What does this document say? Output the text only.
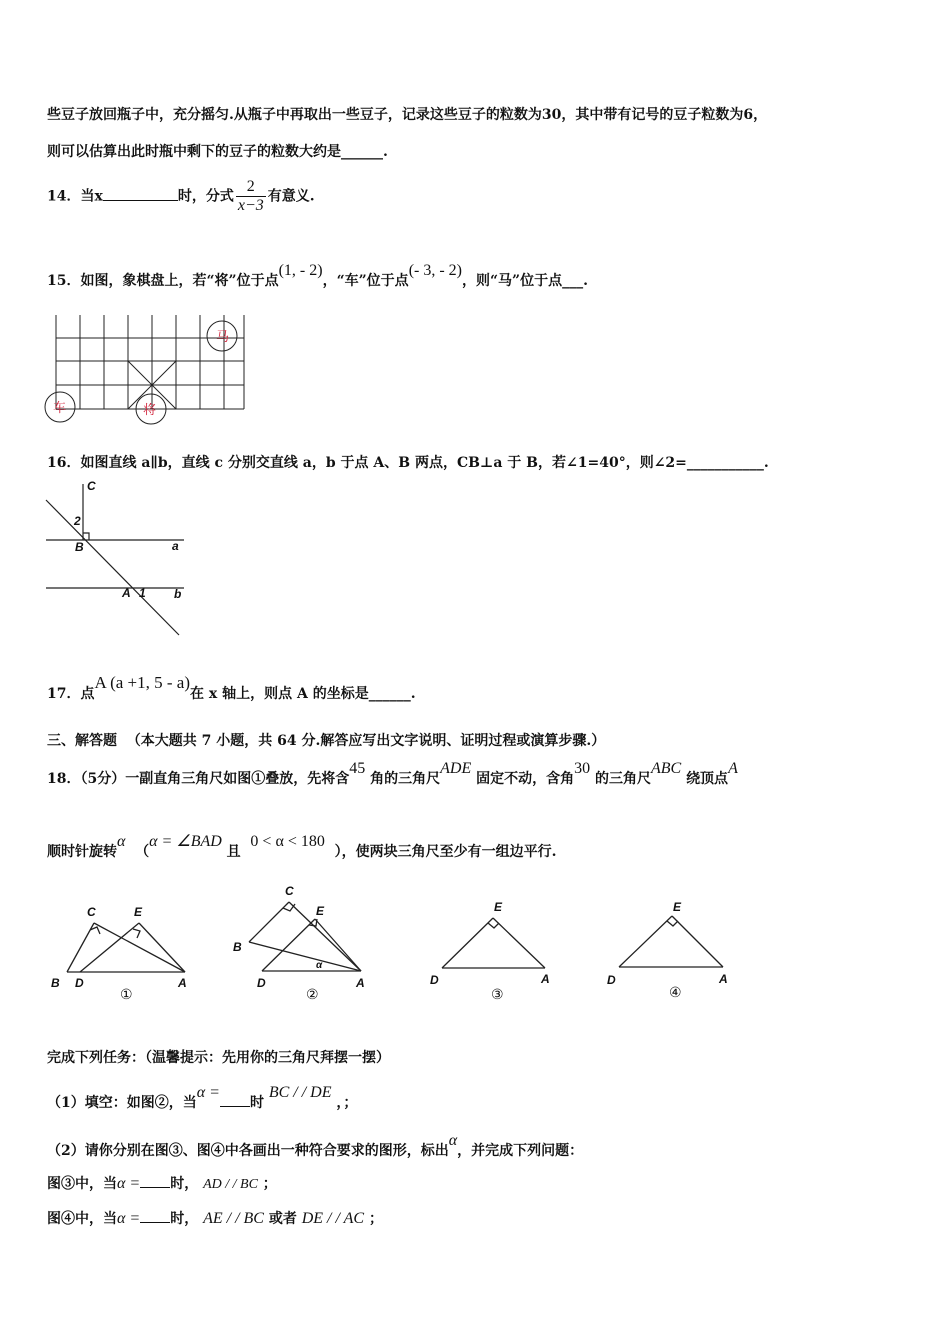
些豆子放回瓶子中，充分摇匀.从瓶子中再取出一些豆子，记录这些豆子的粒数为30，其中带有记号的豆子粒数为6，
则可以估算出此时瓶中剩下的豆子的粒数大约是______.
14．当x	时，分式 $\frac{2}{x-3}$ 有意义.
15．如图，象棋盘上，若“将”位于点(1, - 2)，“车”位于点(- 3, - 2)，则“马”位于点___.
马
车	将
16．如图直线 a∥b，直线 c 分别交直线 a，b 于点 A、B 两点，CB⊥a 于 B，若∠1=40°，则∠2=___________.
C
2
B	a
A 1 b
17．点A (a +1, 5 - a)在 x 轴上，则点 A 的坐标是______.
三、解答题 （本大题共 7 小题，共 64 分.解答应写出文字说明、证明过程或演算步骤.）
18．（5分）一副直角三角尺如图①叠放，先将含45 角的三角尺ADE 固定不动，含角30 的三角尺ABC 绕顶点A
顺时针旋转α  （α = ∠BAD 且  0 < α < 180  ），使两块三角尺至少有一组边平行.
C	E
B D	A
①
C
E
B
D	A
α
②
E
D	A
③
E
D	A
④
完成下列任务：（温馨提示：先用你的三角尺拜摆一摆）
（1）填空：如图②，当α =时 BC / / DE ，；
（2）请你分别在图③、图④中各画出一种符合要求的图形，标出α，并完成下列问题：
图③中，当α = 时， AD / / BC ；
图④中，当α = 时， AE / / BC 或者 DE / / AC ；
